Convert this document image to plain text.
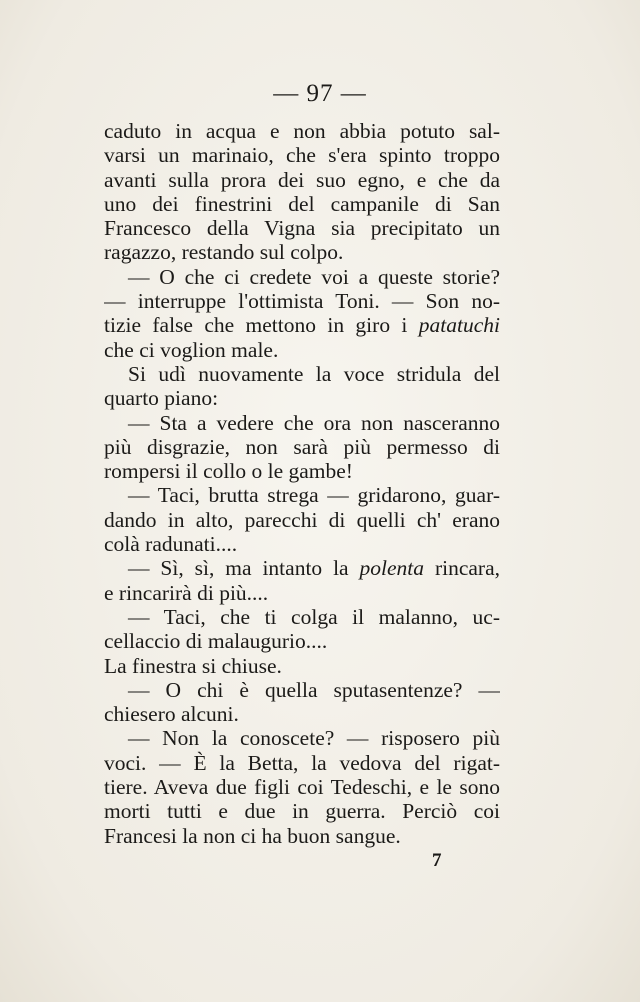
— 97 —
caduto in acqua e non abbia potuto sal-
varsi un marinaio, che s'era spinto troppo
avanti sulla prora dei suo egno, e che da
uno dei finestrini del campanile di San
Francesco della Vigna sia precipitato un
ragazzo, restando sul colpo.
— O che ci credete voi a queste storie?
— interruppe l'ottimista Toni. — Son no-
tizie false che mettono in giro i patatuchi
che ci voglion male.
Si udì nuovamente la voce stridula del
quarto piano:
— Sta a vedere che ora non nasceranno
più disgrazie, non sarà più permesso di
rompersi il collo o le gambe!
— Taci, brutta strega — gridarono, guar-
dando in alto, parecchi di quelli ch' erano
colà radunati....
— Sì, sì, ma intanto la polenta rincara,
e rincarirà di più....
— Taci, che ti colga il malanno, uc-
cellaccio di malaugurio....
La finestra si chiuse.
— O chi è quella sputasentenze? —
chiesero alcuni.
— Non la conoscete? — risposero più
voci. — È la Betta, la vedova del rigat-
tiere. Aveva due figli coi Tedeschi, e le sono
morti tutti e due in guerra. Perciò coi
Francesi la non ci ha buon sangue.
7
